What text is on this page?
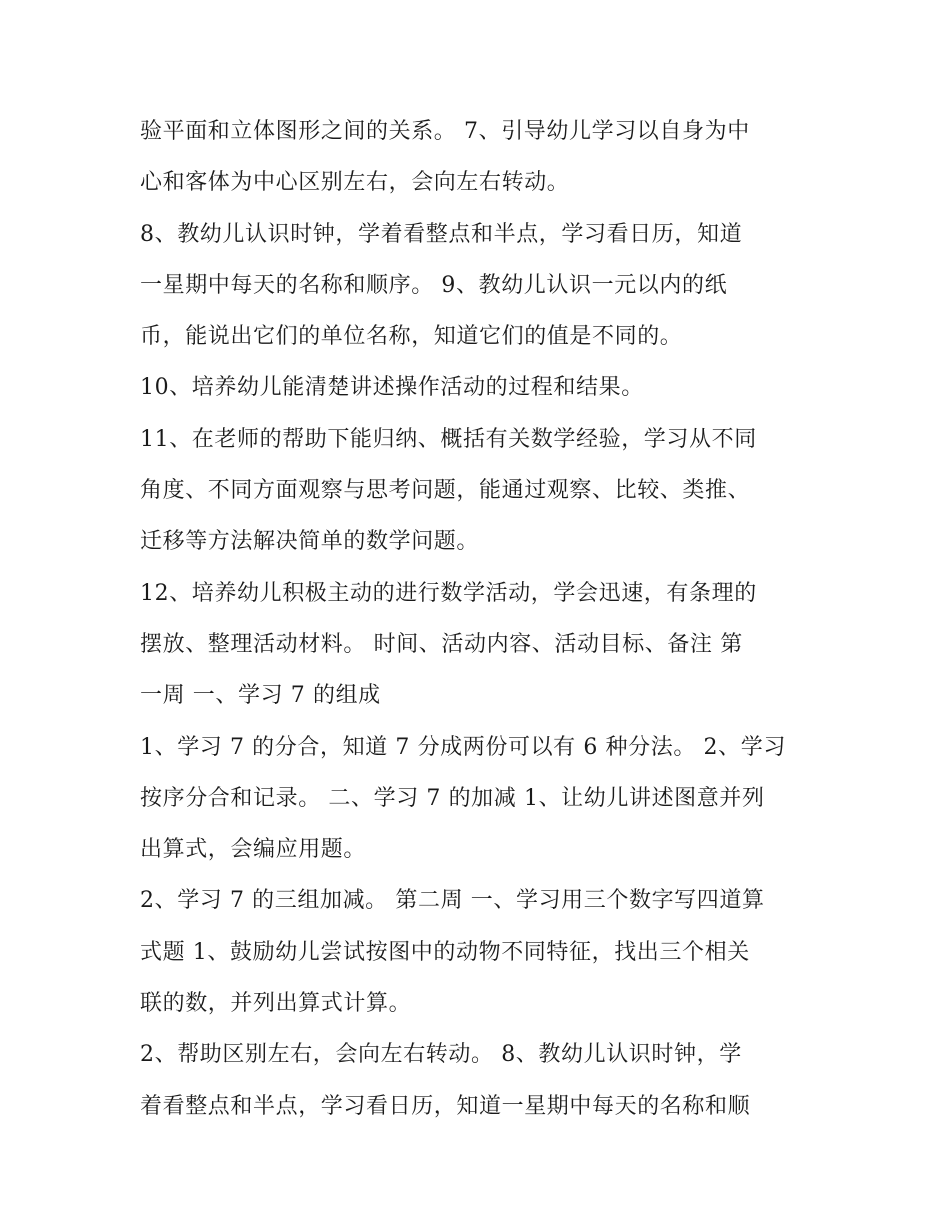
验平面和立体图形之间的关系。 7、引导幼儿学习以自身为中
心和客体为中心区别左右，会向左右转动。
8、教幼儿认识时钟，学着看整点和半点，学习看日历，知道
一星期中每天的名称和顺序。 9、教幼儿认识一元以内的纸
币，能说出它们的单位名称，知道它们的值是不同的。
10、培养幼儿能清楚讲述操作活动的过程和结果。
11、在老师的帮助下能归纳、概括有关数学经验，学习从不同
角度、不同方面观察与思考问题，能通过观察、比较、类推、
迁移等方法解决简单的数学问题。
12、培养幼儿积极主动的进行数学活动，学会迅速，有条理的
摆放、整理活动材料。 时间、活动内容、活动目标、备注 第
一周 一、学习 7 的组成
1、学习 7 的分合，知道 7 分成两份可以有 6 种分法。 2、学习
按序分合和记录。 二、学习 7 的加减 1、让幼儿讲述图意并列
出算式，会编应用题。
2、学习 7 的三组加减。 第二周 一、学习用三个数字写四道算
式题 1、鼓励幼儿尝试按图中的动物不同特征，找出三个相关
联的数，并列出算式计算。
2、帮助区别左右，会向左右转动。 8、教幼儿认识时钟，学
着看整点和半点，学习看日历，知道一星期中每天的名称和顺
